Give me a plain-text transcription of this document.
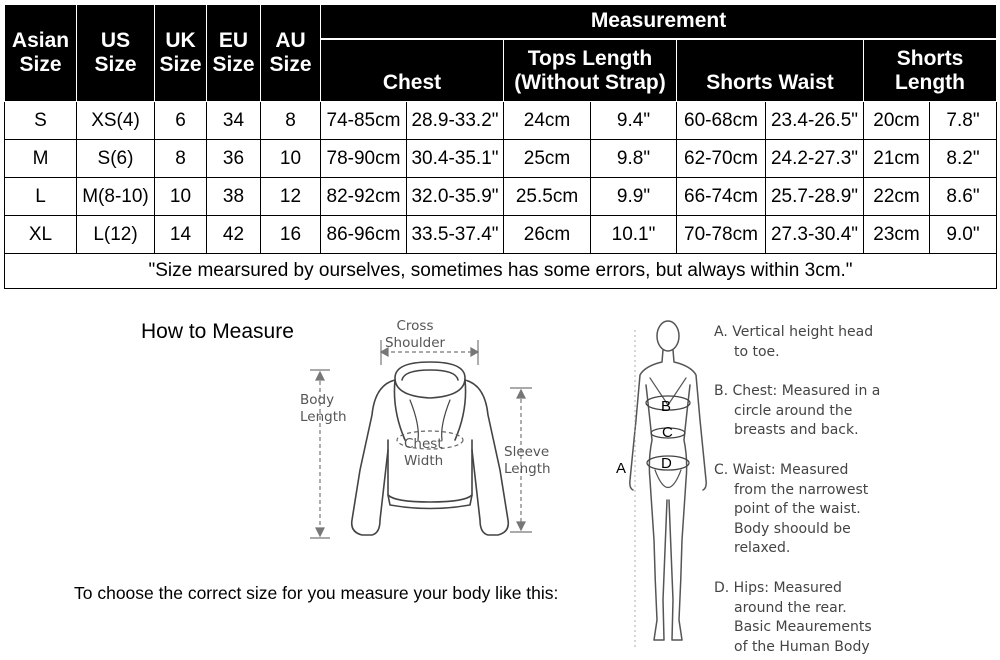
Asian
Size	US
Size	UK
Size	EU
Size	AU
Size	Measurement							
					Chest		Tops Length
(Without Strap)		Shorts Waist		Shorts
Length	
S	XS(4)	6	34	8	74-85cm	28.9-33.2"	24cm	9.4"	60-68cm	23.4-26.5"	20cm	7.8"
M	S(6)	8	36	10	78-90cm	30.4-35.1"	25cm	9.8"	62-70cm	24.2-27.3"	21cm	8.2"
L	M(8-10)	10	38	12	82-92cm	32.0-35.9"	25.5cm	9.9"	66-74cm	25.7-28.9"	22cm	8.6"
XL	L(12)	14	42	16	86-96cm	33.5-37.4"	26cm	10.1"	70-78cm	27.3-30.4"	23cm	9.0"
"Size mearsured by ourselves, sometimes has some errors, but always within 3cm."												
How to Measure
To choose the correct size for you measure your body like this:
Cross
Shoulder
Body
Length
Chest
Width
Sleeve
Length	A
B
C
D
A. Vertical height head
to toe.
B. Chest: Measured in a
circle around the
breasts and back.
C. Waist: Measured
from the narrowest
point of the waist.
Body shoould be
relaxed.
D. Hips: Measured
around the rear.
Basic Meaurements
of the Human Body
